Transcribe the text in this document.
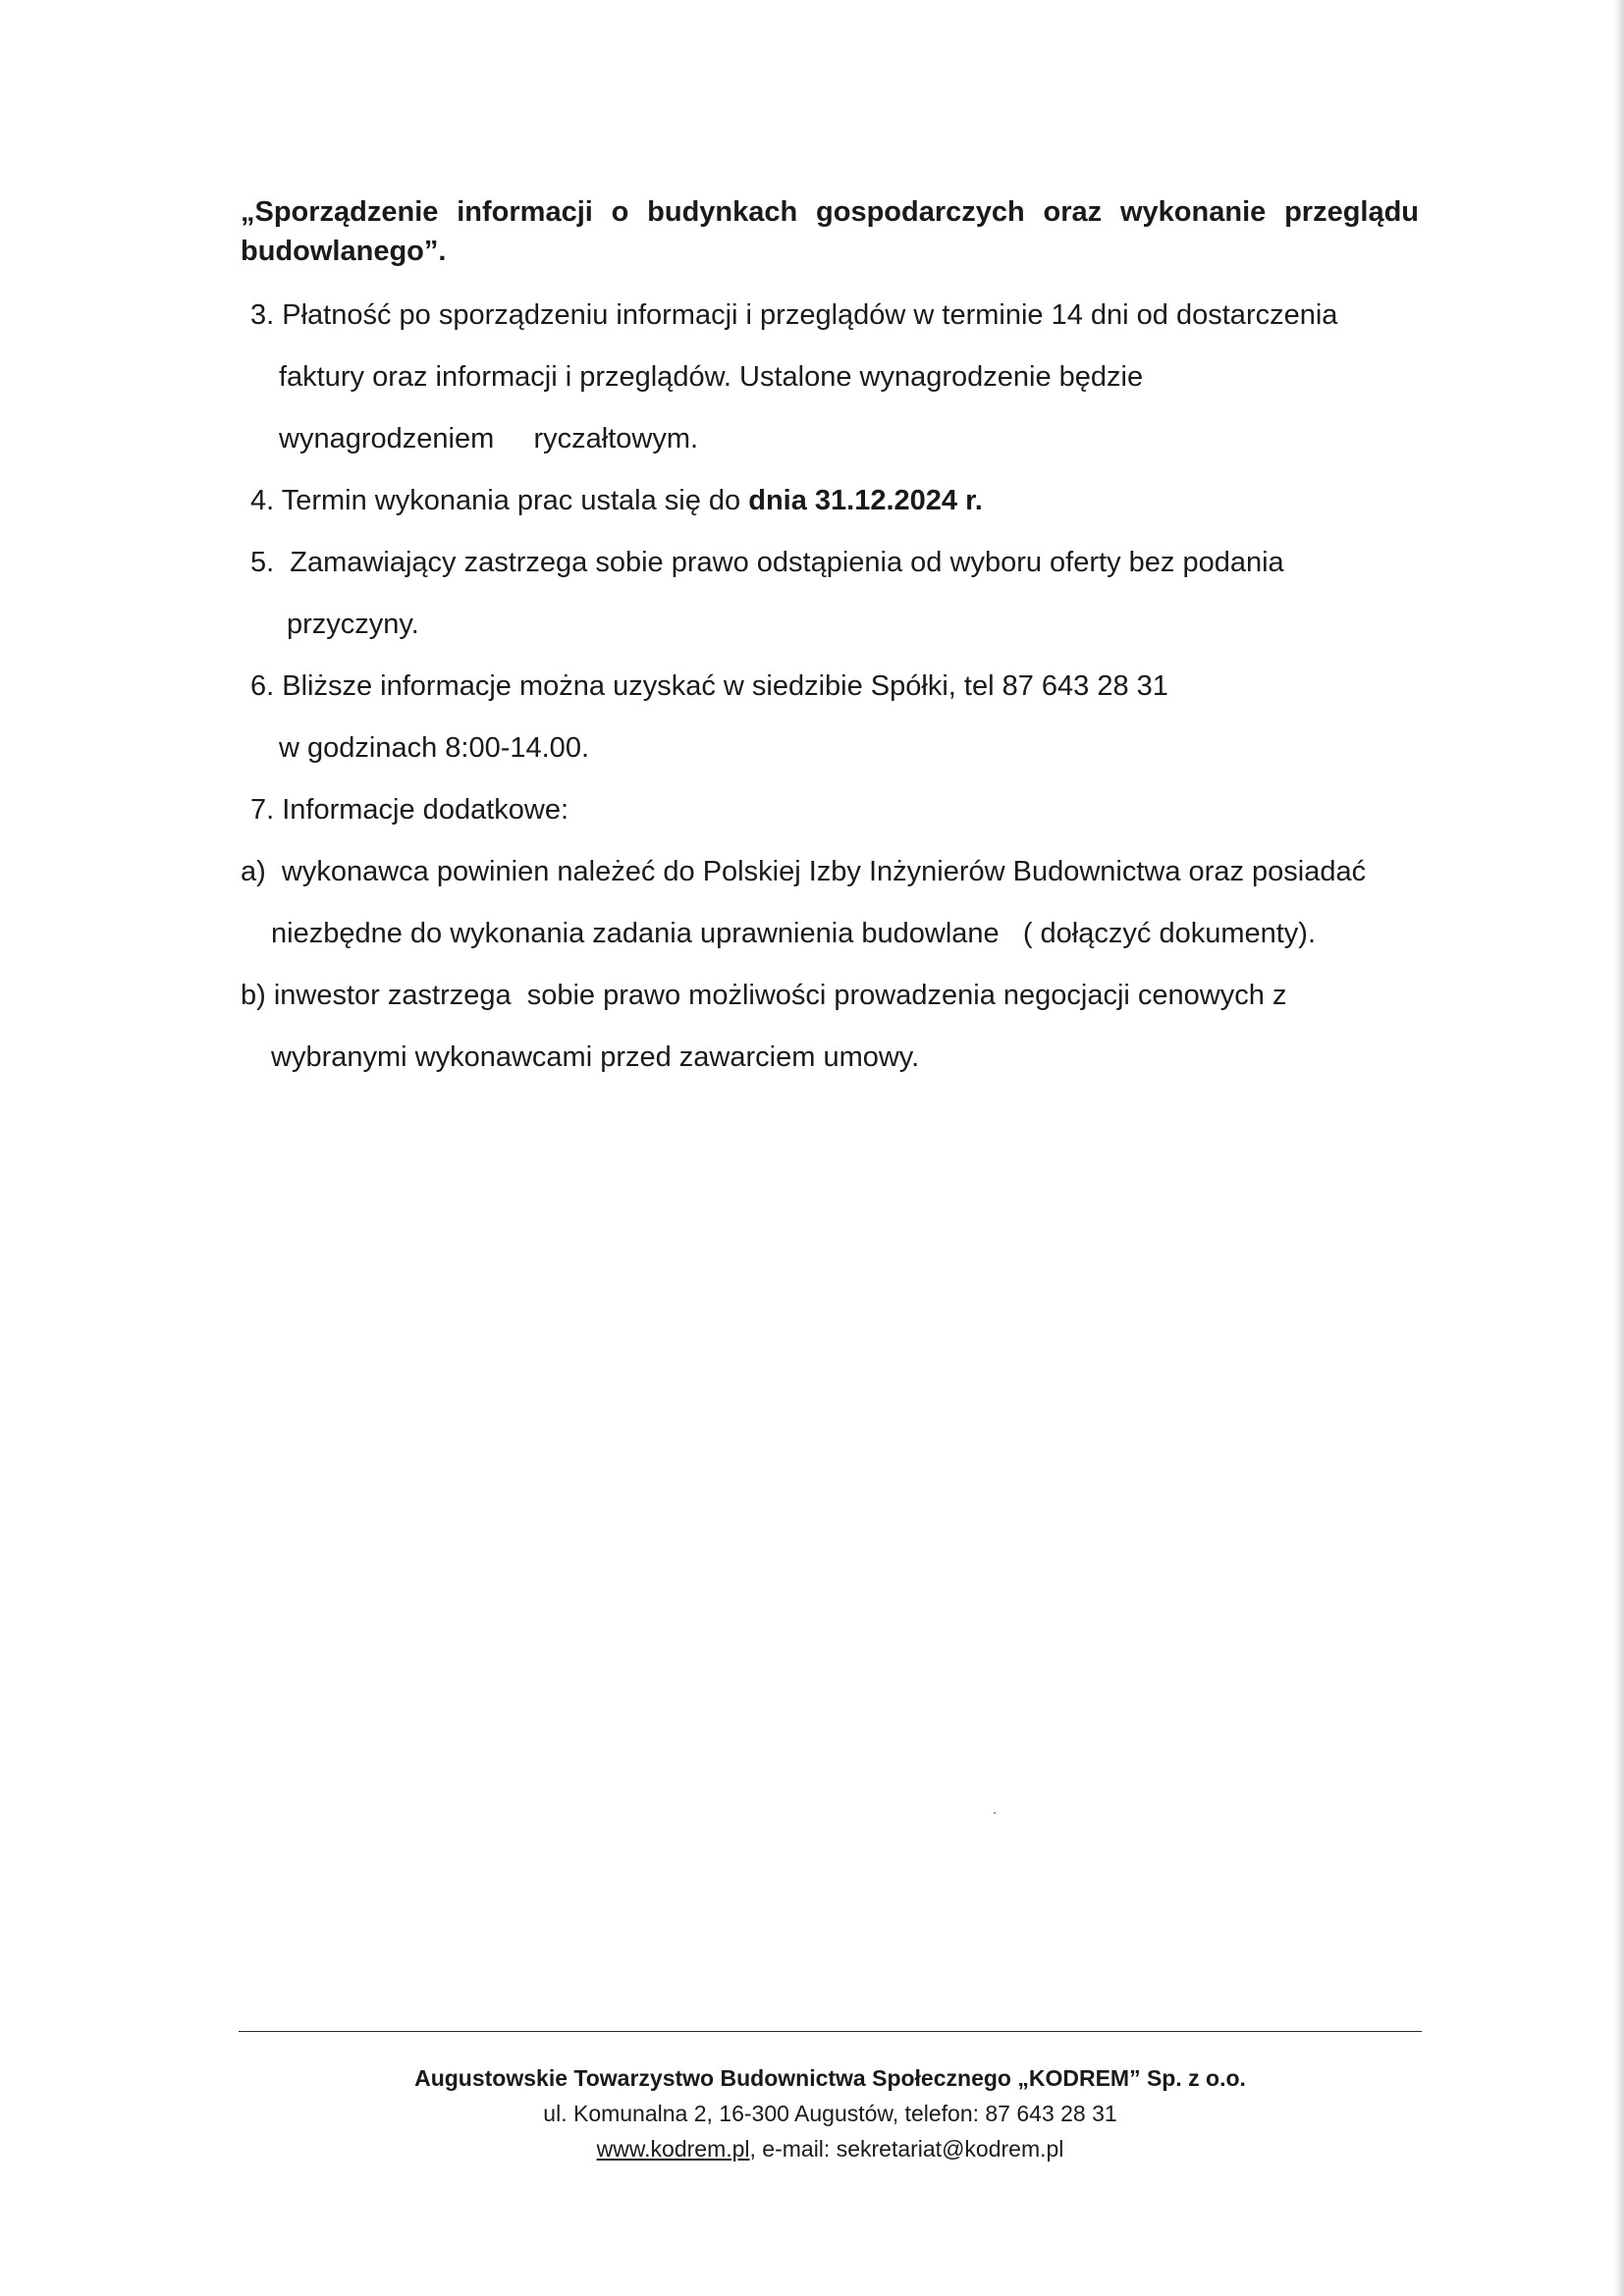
„Sporządzenie informacji o budynkach gospodarczych oraz wykonanie przeglądu
budowlanego”.
3. Płatność po sporządzeniu informacji i przeglądów w terminie 14 dni od dostarczenia
faktury oraz informacji i przeglądów. Ustalone wynagrodzenie będzie
wynagrodzeniem     ryczałtowym.
4. Termin wykonania prac ustala się do dnia 31.12.2024 r.
5.  Zamawiający zastrzega sobie prawo odstąpienia od wyboru oferty bez podania
przyczyny.
6. Bliższe informacje można uzyskać w siedzibie Spółki, tel 87 643 28 31
w godzinach 8:00-14.00.
7. Informacje dodatkowe:
a)  wykonawca powinien należeć do Polskiej Izby Inżynierów Budownictwa oraz posiadać
niezbędne do wykonania zadania uprawnienia budowlane   ( dołączyć dokumenty).
b) inwestor zastrzega  sobie prawo możliwości prowadzenia negocjacji cenowych z
wybranymi wykonawcami przed zawarciem umowy.
Augustowskie Towarzystwo Budownictwa Społecznego „KODREM” Sp. z o.o.
ul. Komunalna 2, 16-300 Augustów, telefon: 87 643 28 31
www.kodrem.pl, e-mail: sekretariat@kodrem.pl
